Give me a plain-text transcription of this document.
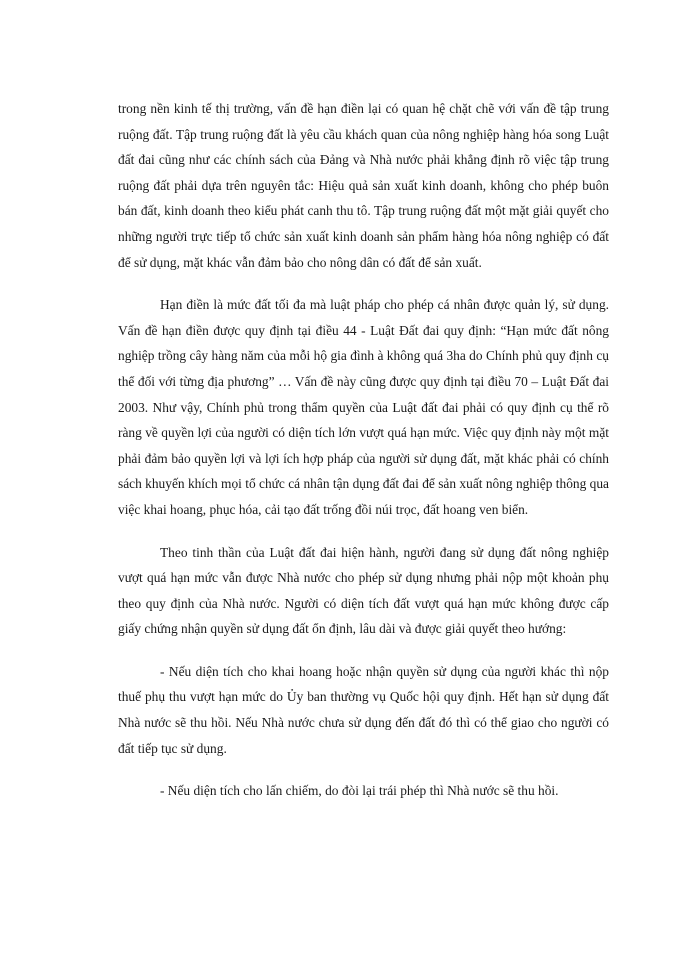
trong nền kinh tế thị trường, vấn đề hạn điền lại có quan hệ chặt chẽ với vấn đề tập trung ruộng đất. Tập trung ruộng đất là yêu cầu khách quan của nông nghiệp hàng hóa song Luật đất đai cũng như các chính sách của Đảng và Nhà nước phải khẳng định rõ việc tập trung ruộng đất phải dựa trên nguyên tắc: Hiệu quả sản xuất kinh doanh, không cho phép buôn bán đất, kinh doanh theo kiểu phát canh thu tô. Tập trung ruộng đất một mặt giải quyết cho những người trực tiếp tổ chức sản xuất kinh doanh sản phẩm hàng hóa nông nghiệp có đất để sử dụng, mặt khác vẫn đảm bảo cho nông dân có đất để sản xuất.

Hạn điền là mức đất tối đa mà luật pháp cho phép cá nhân được quản lý, sử dụng. Vấn đề hạn điền được quy định tại điều 44 - Luật Đất đai quy định: “Hạn mức đất nông nghiệp trồng cây hàng năm của mỗi hộ gia đình à không quá 3ha do Chính phủ quy định cụ thể đối với từng địa phương” … Vấn đề này cũng được quy định tại điều 70 – Luật Đất đai 2003. Như vậy, Chính phủ trong thẩm quyền của Luật đất đai phải có quy định cụ thể rõ ràng về quyền lợi của người có diện tích lớn vượt quá hạn mức. Việc quy định này một mặt phải đảm bảo quyền lợi và lợi ích hợp pháp của người sử dụng đất, mặt khác phải có chính sách khuyến khích mọi tổ chức cá nhân tận dụng đất đai để sản xuất nông nghiệp thông qua việc khai hoang, phục hóa, cải tạo đất trống đồi núi trọc, đất hoang ven biển.

Theo tinh thần của Luật đất đai hiện hành, người đang sử dụng đất nông nghiệp vượt quá hạn mức vẫn được Nhà nước cho phép sử dụng nhưng phải nộp một khoản phụ theo quy định của Nhà nước. Người có diện tích đất vượt quá hạn mức không được cấp giấy chứng nhận quyền sử dụng đất ổn định, lâu dài và được giải quyết theo hướng:

- Nếu diện tích cho khai hoang hoặc nhận quyền sử dụng của người khác thì nộp thuế phụ thu vượt hạn mức do Ủy ban thường vụ Quốc hội quy định. Hết hạn sử dụng đất Nhà nước sẽ thu hồi. Nếu Nhà nước chưa sử dụng đến đất đó thì có thể giao cho người có đất tiếp tục sử dụng.

- Nếu diện tích cho lấn chiếm, do đòi lại trái phép thì Nhà nước sẽ thu hồi.
